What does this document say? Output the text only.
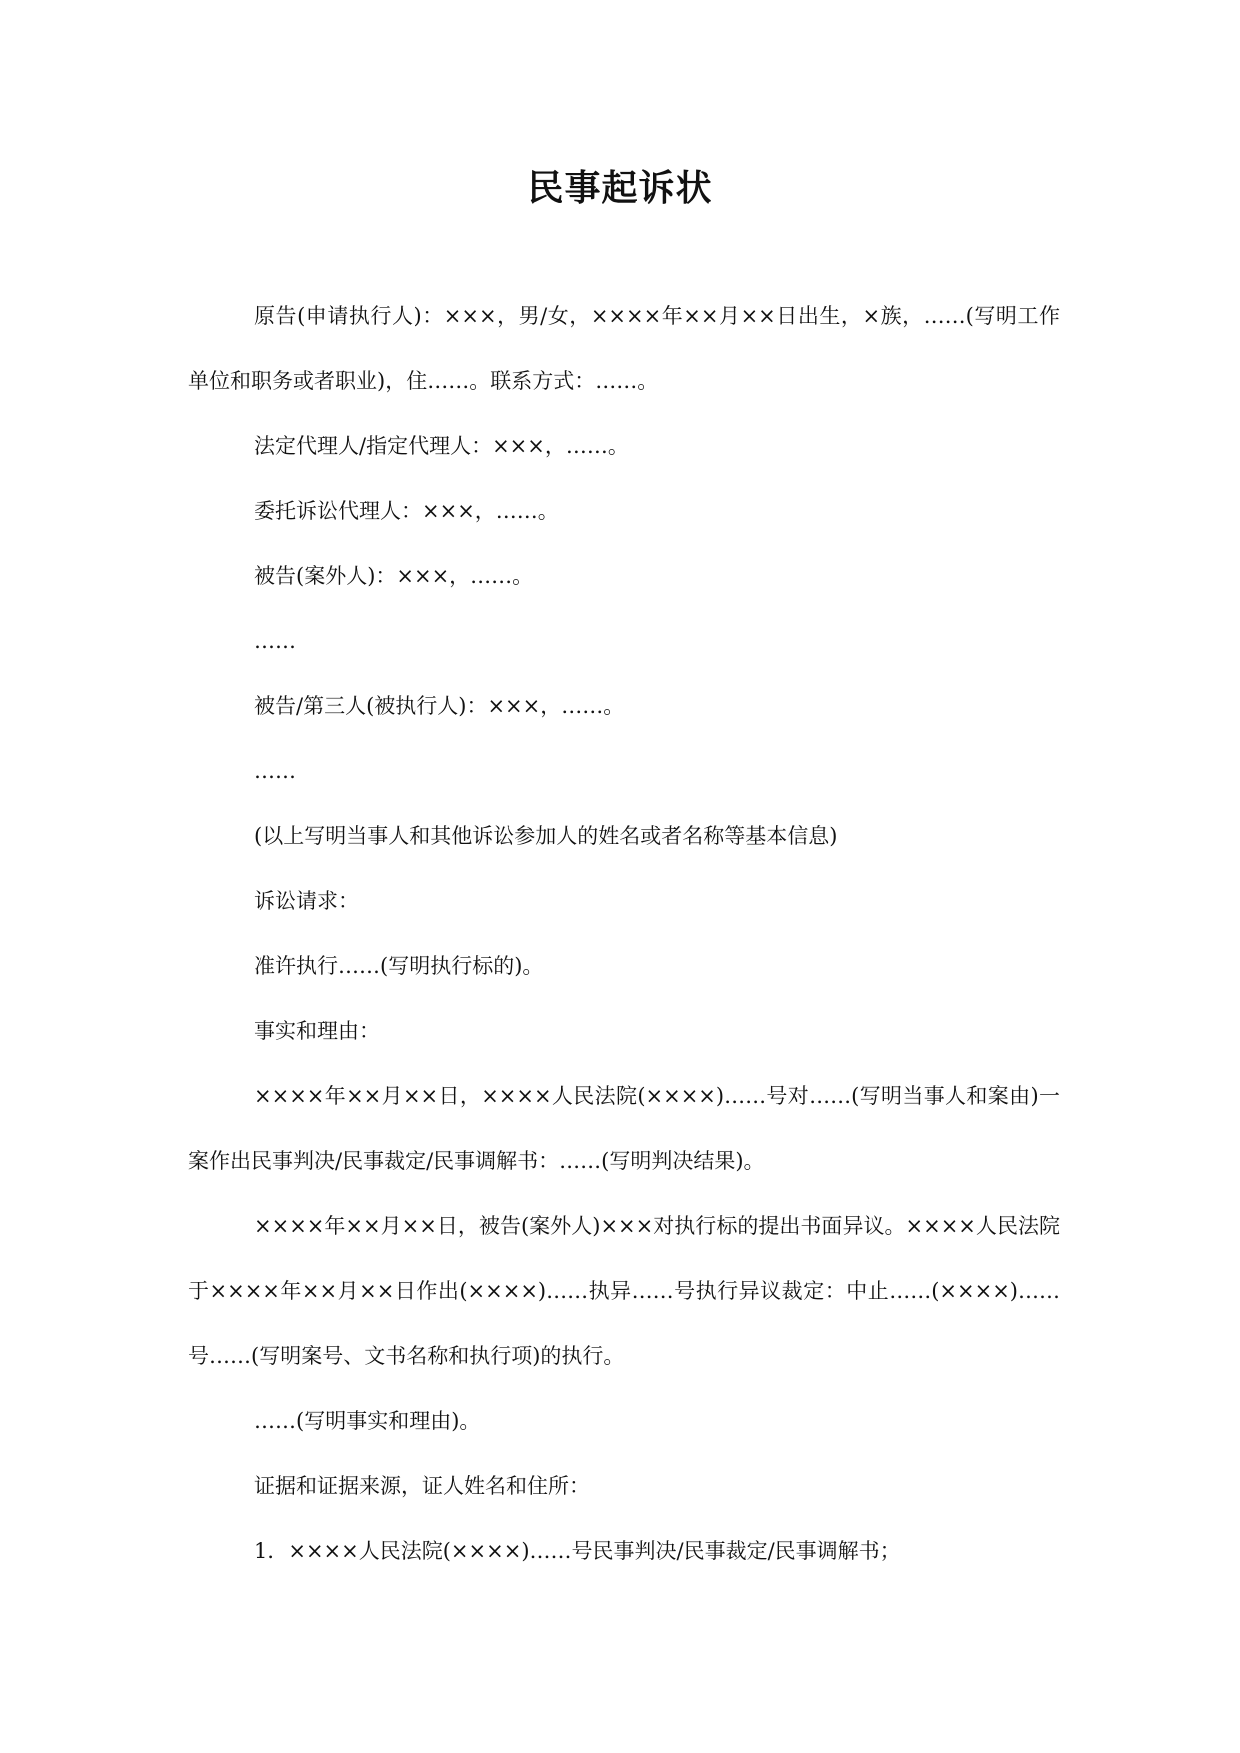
民事起诉状

原告(申请执行人)：×××，男/女，××××年××月××日出生，×族，……(写明工作单位和职务或者职业)，住……。联系方式：……。

法定代理人/指定代理人：×××，……。

委托诉讼代理人：×××，……。

被告(案外人)：×××，……。

……

被告/第三人(被执行人)：×××，……。

……

(以上写明当事人和其他诉讼参加人的姓名或者名称等基本信息)

诉讼请求：

准许执行……(写明执行标的)。

事实和理由：

××××年××月××日，××××人民法院(××××)……号对……(写明当事人和案由)一案作出民事判决/民事裁定/民事调解书：……(写明判决结果)。

××××年××月××日，被告(案外人)×××对执行标的提出书面异议。××××人民法院于××××年××月××日作出(××××)……执异……号执行异议裁定：中止……(××××)……号……(写明案号、文书名称和执行项)的执行。

……(写明事实和理由)。

证据和证据来源，证人姓名和住所：

1．××××人民法院(××××)……号民事判决/民事裁定/民事调解书；
